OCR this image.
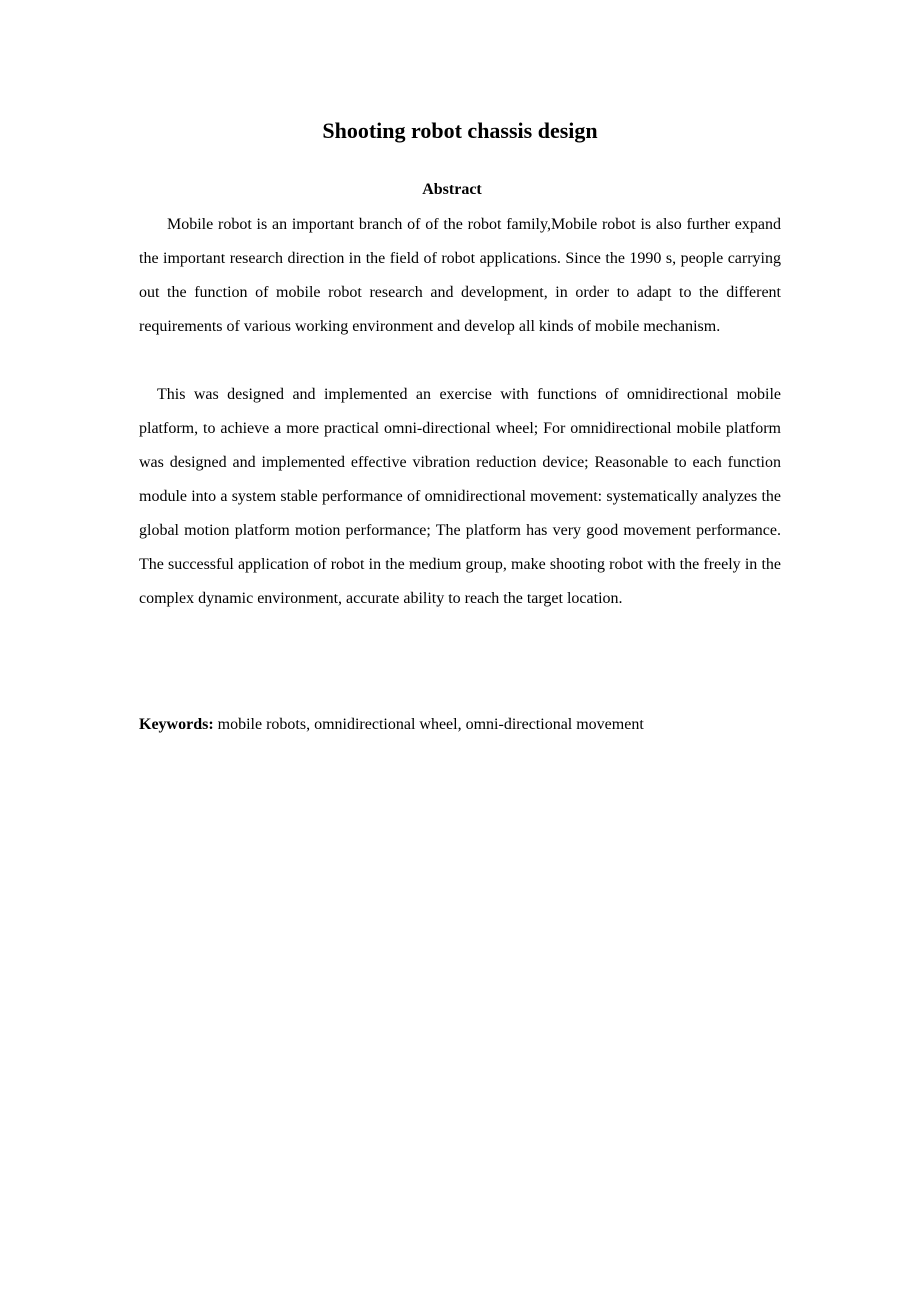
Shooting robot chassis design
Abstract

Mobile robot is an important branch of of the robot family,Mobile robot is also further expand the important research direction in the field of robot applications. Since the 1990 s, people carrying out the function of mobile robot research and development, in order to adapt to the different requirements of various working environment and develop all kinds of mobile mechanism.

This was designed and implemented an exercise with functions of omnidirectional mobile platform, to achieve a more practical omni-directional wheel; For omnidirectional mobile platform was designed and implemented effective vibration reduction device; Reasonable to each function module into a system stable performance of omnidirectional movement: systematically analyzes the global motion platform motion performance; The platform has very good movement performance. The successful application of robot in the medium group, make shooting robot with the freely in the complex dynamic environment, accurate ability to reach the target location.

Keywords: mobile robots, omnidirectional wheel, omni-directional movement
